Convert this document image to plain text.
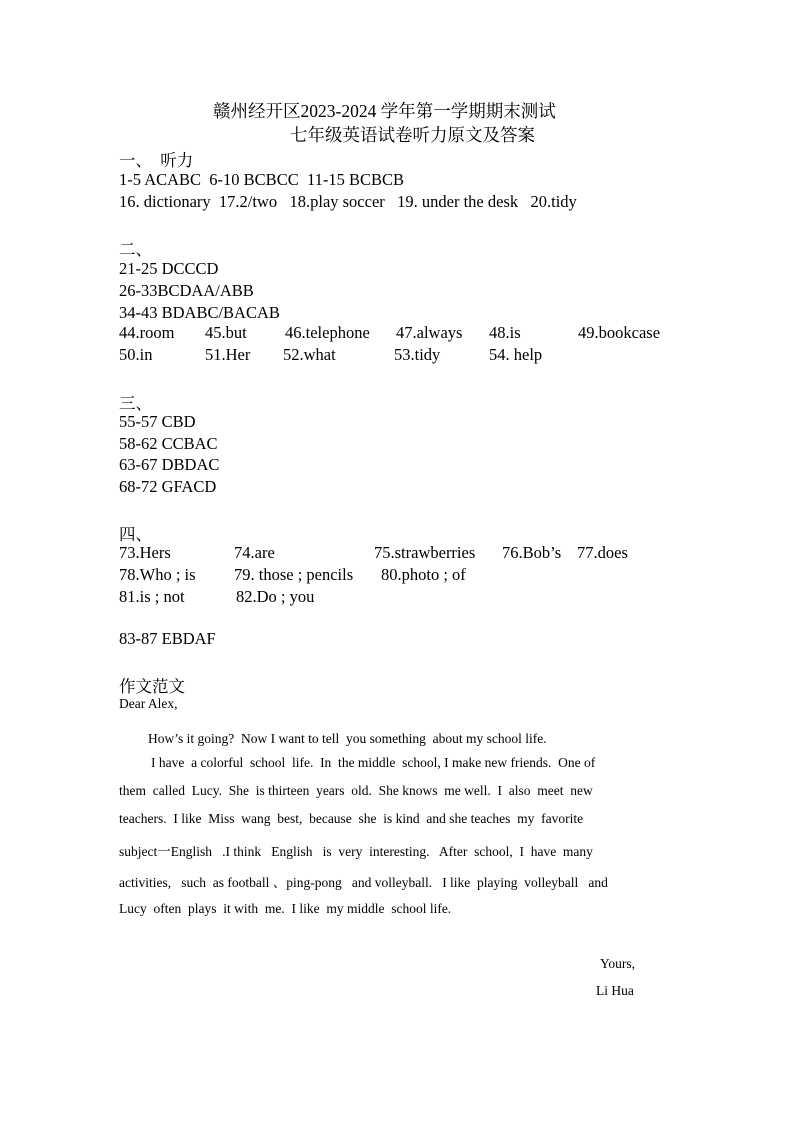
赣州经开区2023-2024 学年第一学期期末测试
七年级英语试卷听力原文及答案
一、  听力
1-5 ACABC  6-10 BCBCC  11-15 BCBCB
16. dictionary  17.2/two   18.play soccer   19. under the desk   20.tidy
二、
21-25 DCCCD
26-33BCDAA/ABB
34-43 BDABC/BACAB
44.room 45.but 46.telephone 47.always 48.is	49.bookcase
50.in	51.Her 52.what	53.tidy	54. help
三、
55-57 CBD
58-62 CCBAC
63-67 DBDAC
68-72 GFACD
四、
73.Hers	74.are	75.strawberries 76.Bob’s 77.does
78.Who ; is 79. those ; pencils 80.photo ; of
81.is ; not	82.Do ; you
83-87 EBDAF
作文范文
Dear Alex,
How’s it going?  Now I want to tell  you something  about my school life.
I have  a colorful  school  life.  In  the middle  school, I make new friends.  One of
them  called  Lucy.  She  is thirteen  years  old.  She knows  me well.  I  also  meet  new
teachers.  I like  Miss  wang  best,  because  she  is kind  and she teaches  my  favorite
subject一English   .I think   English   is  very  interesting.   After  school,  I  have  many
activities,   such  as football 、ping-pong   and volleyball.   I like  playing  volleyball   and
Lucy  often  plays  it with  me.  I like  my middle  school life.
Yours,
Li Hua
